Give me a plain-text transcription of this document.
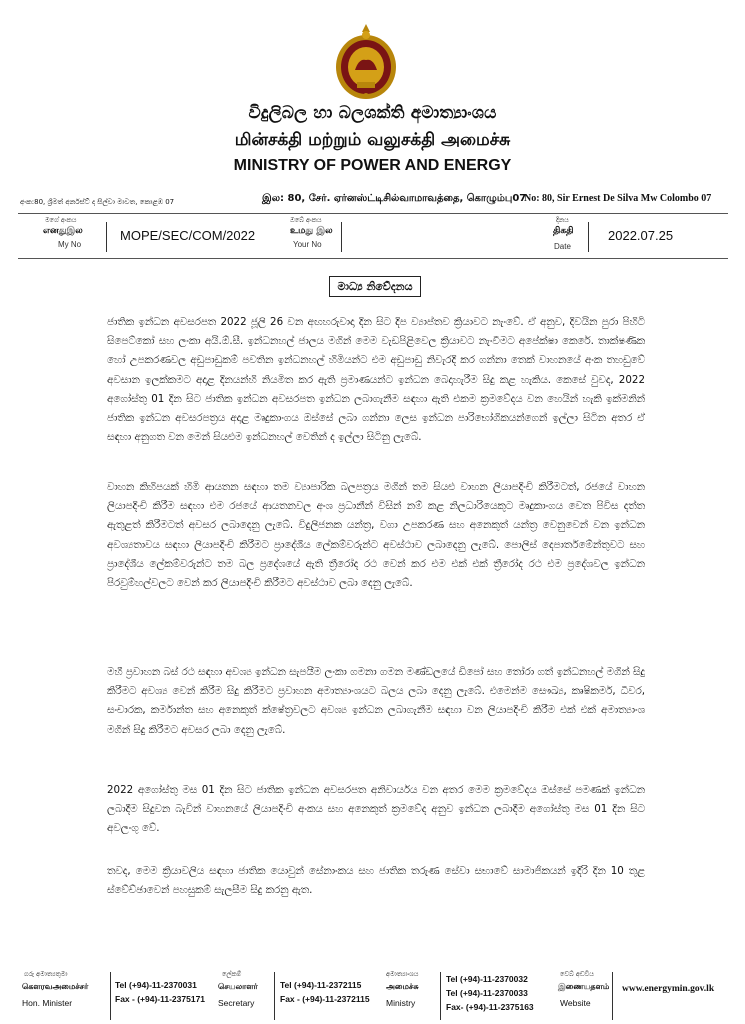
විදුලිබල හා බලශක්ති අමාත්‍යාංශය
மின்சக்தி மற்றும் வலுசக்தி அமைச்சு
MINISTRY OF POWER AND ENERGY
අංක:80, ශ්‍රීමත් අර්නස්ට් ද සිල්වා මාවත, කොළඹ 07	இல: 80, சேர். ஏர்னஸ்ட்டிசில்வாமாவத்தை, கொழும்பு07
No: 80, Sir Ernest De Silva Mw Colombo 07
මගේ අංකය
எனதுஇல
My No
MOPE/SEC/COM/2022
ඔබේ අංකය
உமது இல
Your No
දිනය
திகதி
Date
2022.07.25
මාධ්‍ය නිවේදනය

ජාතික ඉන්ධන අවසරපත 2022 ජූලි 26 වන අඟහරුවාදා දින සිට දිප ව්‍යාප්තව ක්‍රියාවට නැංවේ. ඒ අනුව, දිවයින පුරා පිහිටි සිපෙට්කෝ සහ ලංකා අයි.ඕ.සී. ඉන්ධනහල් ජාලය මගින් මෙම වැඩපිළිවෙල ක්‍රියාවට නැංවීමට අපේක්ෂා කෙරේ. තාක්ෂණික හෝ උපකරණවල අඩුපාඩුකම් පවතින ඉන්ධනහල් හිමියන්ට එම අඩුපාඩු නිවැරදි කර ගන්නා තෙක් වාහනයේ අංක තහඩුවේ අවසාන ඉලක්කමට අදාළ දිනයන්හි නියමිත කර ඇති ප්‍රමාණයන්ට ඉන්ධන බෙදාහැරීම සිදු කළ හැකිය. කෙසේ වුවද, 2022 අගෝස්තු 01 දින සිට ජාතික ඉන්ධන අවසරපත ඉන්ධන ලබාගැනීම සඳහා ඇති එකම ක්‍රමවේදය වන හෙයින් හැකි ඉක්මනින් ජාතික ඉන්ධන අවසරපත්‍රය අදාළ මෘදුකාංගය ඔස්සේ ලබා ගන්නා ලෙස ඉන්ධන පාරිභෝගිකයන්ගෙන් ඉල්ලා සිටින අතර ඒ සඳහා අනුගත වන මෙන් සියළුම ඉන්ධනහල් වෙතින් ද ඉල්ලා සිටිනු ලැබේ.

වාහන කිහිපයක් හිමි ආයතන සඳහා තම ව්‍යාපාරික බලපත්‍රය මගින් තම සියළු වාහන ලියාපදිංචි කිරීමටත්, රජයේ වාහන ලියාපදිංචි කිරීම සඳහා එම රජයේ ආයතනවල අංශ ප්‍රධානීන් විසින් නම් කළ නිලධාරියෙකුට මෘදුකාංගය වෙත පිවිස දත්ත ඇතුළත් කිරීමටත් අවසර ලබාදෙනු ලැබේ. විදුලිජනක යන්ත්‍ර, වගා උපකරණ සහ අනෙකුත් යන්ත්‍ර වෙනුවෙන් වන ඉන්ධන අවශ්‍යතාවය සඳහා ලියාපදිංචි කිරීමට ප්‍රාදේශීය ලේකම්වරුන්ට අවස්ථාව ලබාදෙනු ලැබේ. පොලිස් දෙපාර්තමේන්තුවට සහ ප්‍රාදේශීය ලේකම්වරුන්ට තම බල ප්‍රදේශයේ ඇති ත්‍රීරෝද රථ වෙන් කර එම එක් එක් ත්‍රීරෝද රථ එම ප්‍රදේශවල ඉන්ධන පිරවුම්හල්වලට වෙන් කර ලියාපදිංචි කිරීමට අවස්ථාව ලබා දෙනු ලැබේ.

මහී ප්‍රවාහන බස් රථ සඳහා අවශ්‍ය ඉන්ධන සැපයීම ලංකා ගමනා ගමන මණ්ඩලයේ ඩිපෝ සහ තෝරා ගත් ඉන්ධනහල් මගින් සිදු කිරීමට අවශ්‍ය වෙන් කිරීම සිදු කිරීමට ප්‍රවාහන අමාත්‍යාංශයට බලය ලබා දෙනු ලැබේ. එමෙන්ම සෞඛ්‍ය, කෘෂිකර්ම, ධීවර, සංචාරක, කර්මාන්ත සහ අනෙකුත් ක්ෂේත්‍රවලට අවශ්‍ය ඉන්ධන ලබාගැනීම සඳහා වන ලියාපදිංචි කිරීම එක් එක් අමාත්‍යාංශ මගින් සිදු කිරීමට අවසර ලබා දෙනු ලැබේ.

2022 අගෝස්තු මස 01 දින සිට ජාතික ඉන්ධන අවසරපත අනිවාර්යය වන අතර මෙම ක්‍රමවේදය ඔස්සේ පමණක් ඉන්ධන ලබාදීම සිදුවන බැවින් වාහනයේ ලියාපදිංචි අංකය සහ අනෙකුත් ක්‍රමවේද අනුව ඉන්ධන ලබාදීම අගෝස්තු මස 01 දින සිට අවලංගු වේ.

තවද, මෙම ක්‍රියාවලිය සඳහා ජාතික යොවුන් සේනාංකය සහ ජාතික තරුණ සේවා සභාවේ සාමාජිකයන් ඉදිරි දින 10 තුළ ස්වේච්ඡාවෙන් පහසුකම් සැලසීම සිදු කරනු ඇත.

ගරු අමාත්‍යතුමා
கௌரவஅமைச்சர்
Hon. Minister
Tel (+94)-11-2370031
Fax - (+94)-11-2375171
ලේකම්
செயலாளர்
Secretary
Tel (+94)-11-2372115
Fax - (+94)-11-2372115
අමාත්‍යාංශය
அமைச்சு
Ministry
Tel (+94)-11-2370032
Tel (+94)-11-2370033
Fax- (+94)-11-2375163
වෙබ් අඩවිය
இணையதளம்
Website
www.energymin.gov.lk
